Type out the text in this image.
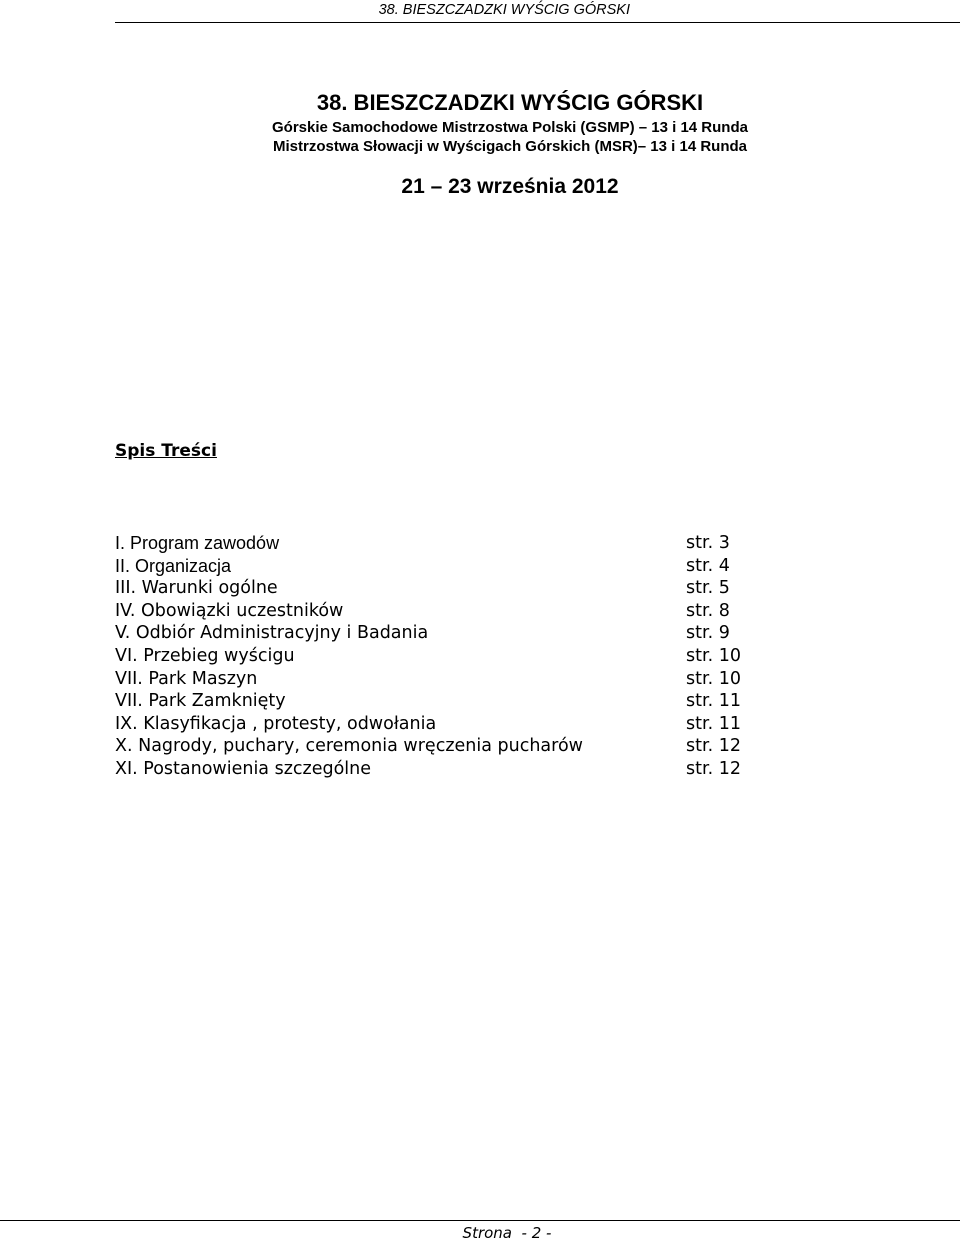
38. BIESZCZADZKI WYŚCIG GÓRSKI
38. BIESZCZADZKI WYŚCIG GÓRSKI
Górskie Samochodowe Mistrzostwa Polski (GSMP) – 13 i 14 Runda
Mistrzostwa Słowacji w Wyścigach Górskich (MSR)– 13 i 14 Runda
21 – 23 września 2012
Spis Treści
I. Program zawodów	str. 3
II. Organizacja	str. 4
III. Warunki ogólne	str. 5
IV. Obowiązki uczestników	str. 8
V. Odbiór Administracyjny i Badania	str. 9
VI. Przebieg wyścigu	str. 10
VII. Park Maszyn	str. 10
VII. Park Zamknięty	str. 11
IX. Klasyfikacja , protesty, odwołania	str. 11
X. Nagrody, puchary, ceremonia wręczenia pucharów	str. 12
XI. Postanowienia szczególne	str. 12
Strona  - 2 -
